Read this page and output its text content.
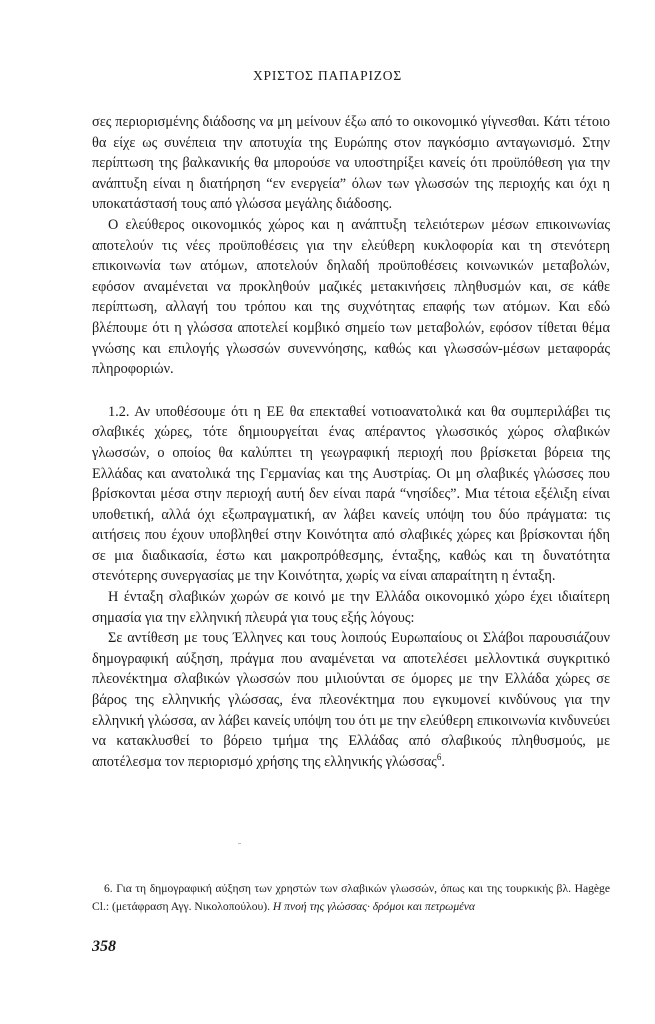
ΧΡΙΣΤΟΣ ΠΑΠΑΡΙΖΟΣ

σες περιορισμένης διάδοσης να μη μείνουν έξω από το οικονομικό γίγνεσθαι. Κάτι τέτοιο θα είχε ως συνέπεια την αποτυχία της Ευρώπης στον παγκόσμιο ανταγωνισμό. Στην περίπτωση της βαλκανικής θα μπορούσε να υποστηρίξει κανείς ότι προϋπόθεση για την ανάπτυξη είναι η διατήρηση “εν ενεργεία” όλων των γλωσσών της περιοχής και όχι η υποκατάστασή τους από γλώσσα μεγάλης διάδοσης.

Ο ελεύθερος οικονομικός χώρος και η ανάπτυξη τελειότερων μέσων επικοινωνίας αποτελούν τις νέες προϋποθέσεις για την ελεύθερη κυκλοφορία και τη στενότερη επικοινωνία των ατόμων, αποτελούν δηλαδή προϋποθέσεις κοινωνικών μεταβολών, εφόσον αναμένεται να προκληθούν μαζικές μετακινήσεις πληθυσμών και, σε κάθε περίπτωση, αλλαγή του τρόπου και της συχνότητας επαφής των ατόμων. Και εδώ βλέπουμε ότι η γλώσσα αποτελεί κομβικό σημείο των μεταβολών, εφόσον τίθεται θέμα γνώσης και επιλογής γλωσσών συνεννόησης, καθώς και γλωσσών-μέσων μεταφοράς πληροφοριών.

1.2. Αν υποθέσουμε ότι η ΕΕ θα επεκταθεί νοτιοανατολικά και θα συμπεριλάβει τις σλαβικές χώρες, τότε δημιουργείται ένας απέραντος γλωσσικός χώρος σλαβικών γλωσσών, ο οποίος θα καλύπτει τη γεωγραφική περιοχή που βρίσκεται βόρεια της Ελλάδας και ανατολικά της Γερμανίας και της Αυστρίας. Οι μη σλαβικές γλώσσες που βρίσκονται μέσα στην περιοχή αυτή δεν είναι παρά “νησίδες”. Μια τέτοια εξέλιξη είναι υποθετική, αλλά όχι εξωπραγματική, αν λάβει κανείς υπόψη του δύο πράγματα: τις αιτήσεις που έχουν υποβληθεί στην Κοινότητα από σλαβικές χώρες και βρίσκονται ήδη σε μια διαδικασία, έστω και μακροπρόθεσμης, ένταξης, καθώς και τη δυνατότητα στενότερης συνεργασίας με την Κοινότητα, χωρίς να είναι απαραίτητη η ένταξη.

Η ένταξη σλαβικών χωρών σε κοινό με την Ελλάδα οικονομικό χώρο έχει ιδιαίτερη σημασία για την ελληνική πλευρά για τους εξής λόγους:

Σε αντίθεση με τους Έλληνες και τους λοιπούς Ευρωπαίους οι Σλάβοι παρουσιάζουν δημογραφική αύξηση, πράγμα που αναμένεται να αποτελέσει μελλοντικά συγκριτικό πλεονέκτημα σλαβικών γλωσσών που μιλιούνται σε όμορες με την Ελλάδα χώρες σε βάρος της ελληνικής γλώσσας, ένα πλεονέκτημα που εγκυμονεί κινδύνους για την ελληνική γλώσσα, αν λάβει κανείς υπόψη του ότι με την ελεύθερη επικοινωνία κινδυνεύει να κατακλυσθεί το βόρειο τμήμα της Ελλάδας από σλαβικούς πληθυσμούς, με αποτέλεσμα τον περιορισμό χρήσης της ελληνικής γλώσσας$^6$.

6. Για τη δημογραφική αύξηση των χρηστών των σλαβικών γλωσσών, όπως και της τουρκικής βλ. Hagège Cl.: (μετάφραση Αγγ. Νικολοπούλου). Η πνοή της γλώσσας· δρόμοι και πετρωμένα

358
